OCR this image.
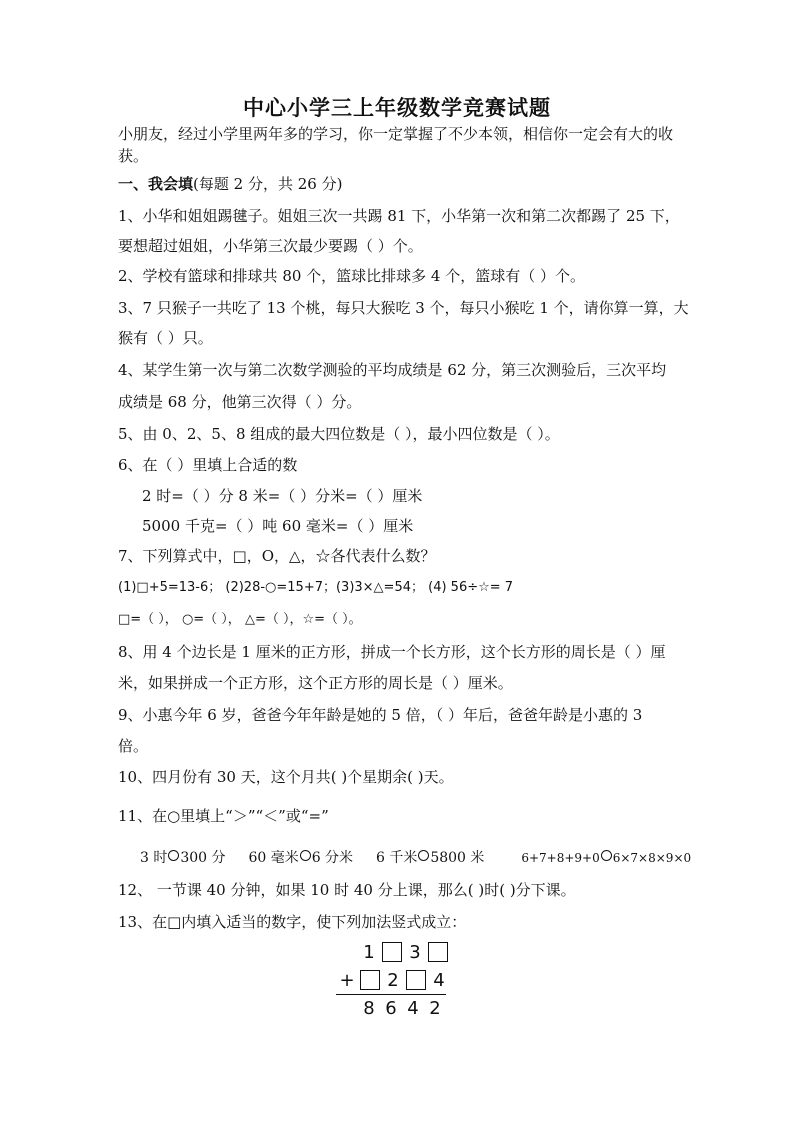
中心小学三上年级数学竞赛试题
小朋友，经过小学里两年多的学习，你一定掌握了不少本领，相信你一定会有大的收
获。
一、我会填(每题 2 分，共 26 分)
1、小华和姐姐踢毽子。姐姐三次一共踢 81 下，小华第一次和第二次都踢了 25 下，
要想超过姐姐，小华第三次最少要踢（ ）个。
2、学校有篮球和排球共 80 个，篮球比排球多 4 个，篮球有（ ）个。
3、7 只猴子一共吃了 13 个桃，每只大猴吃 3 个，每只小猴吃 1 个，请你算一算，大
猴有（ ）只。
4、某学生第一次与第二次数学测验的平均成绩是 62 分，第三次测验后，三次平均
成绩是 68 分，他第三次得（ ）分。
5、由 0、2、5、8 组成的最大四位数是（ ），最小四位数是（ ）。
6、在（ ）里填上合适的数
2 时=（ ）分 8 米=（ ）分米=（ ）厘米
5000 千克=（ ）吨 60 毫米=（ ）厘米
7、下列算式中，□，O，△，☆各代表什么数？
(1)□+5=13-6； (2)28-○=15+7；(3)3×△=54； (4) 56÷☆= 7
□=（ ）， ○=（ ）， △=（ ），☆=（ ）。
8、用 4 个边长是 1 厘米的正方形，拼成一个长方形，这个长方形的周长是（ ）厘
米，如果拼成一个正方形，这个正方形的周长是（ ）厘米。
9、小惠今年 6 岁，爸爸今年年龄是她的 5 倍，（ ）年后，爸爸年龄是小惠的 3
倍。
10、四月份有 30 天，这个月共( )个星期余( )天。
11、在○里填上“＞”“＜”或“=”
3 时 300 分 60 毫米 6 分米 6 千米 5800 米	6+7+8+9+0 6×7×8×9×0
12、 一节课 40 分钟，如果 10 时 40 分上课，那么( )时( )分下课。
13、在□内填入适当的数字，使下列加法竖式成立：
1 3
+ 2 4
8 6 4 2
